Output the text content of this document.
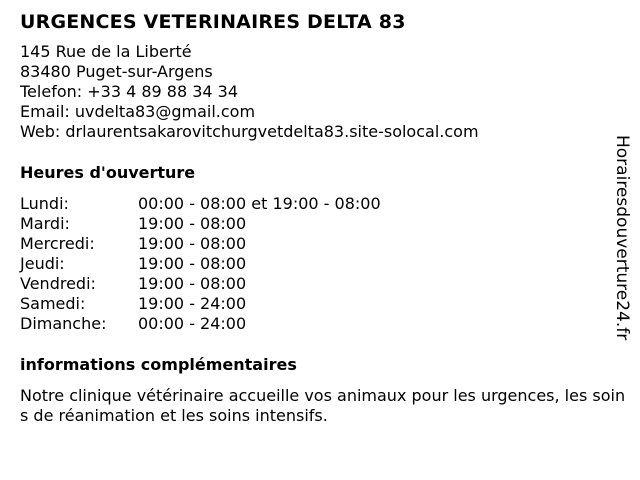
URGENCES VETERINAIRES DELTA 83
145 Rue de la Liberté
83480 Puget-sur-Argens
Telefon: +33 4 89 88 34 34
Email: uvdelta83@gmail.com
Web: drlaurentsakarovitchurgvetdelta83.site-solocal.com
Heures d'ouverture
Lundi:	00:00 - 08:00 et 19:00 - 08:00
Mardi:	19:00 - 08:00
Mercredi:	19:00 - 08:00
Jeudi:	19:00 - 08:00
Vendredi:	19:00 - 08:00
Samedi:	19:00 - 24:00
Dimanche:	00:00 - 24:00
informations complémentaires
Notre clinique vétérinaire accueille vos animaux pour les urgences, les soins de réanimation et les soins intensifs.
Horairesdouverture24.fr
